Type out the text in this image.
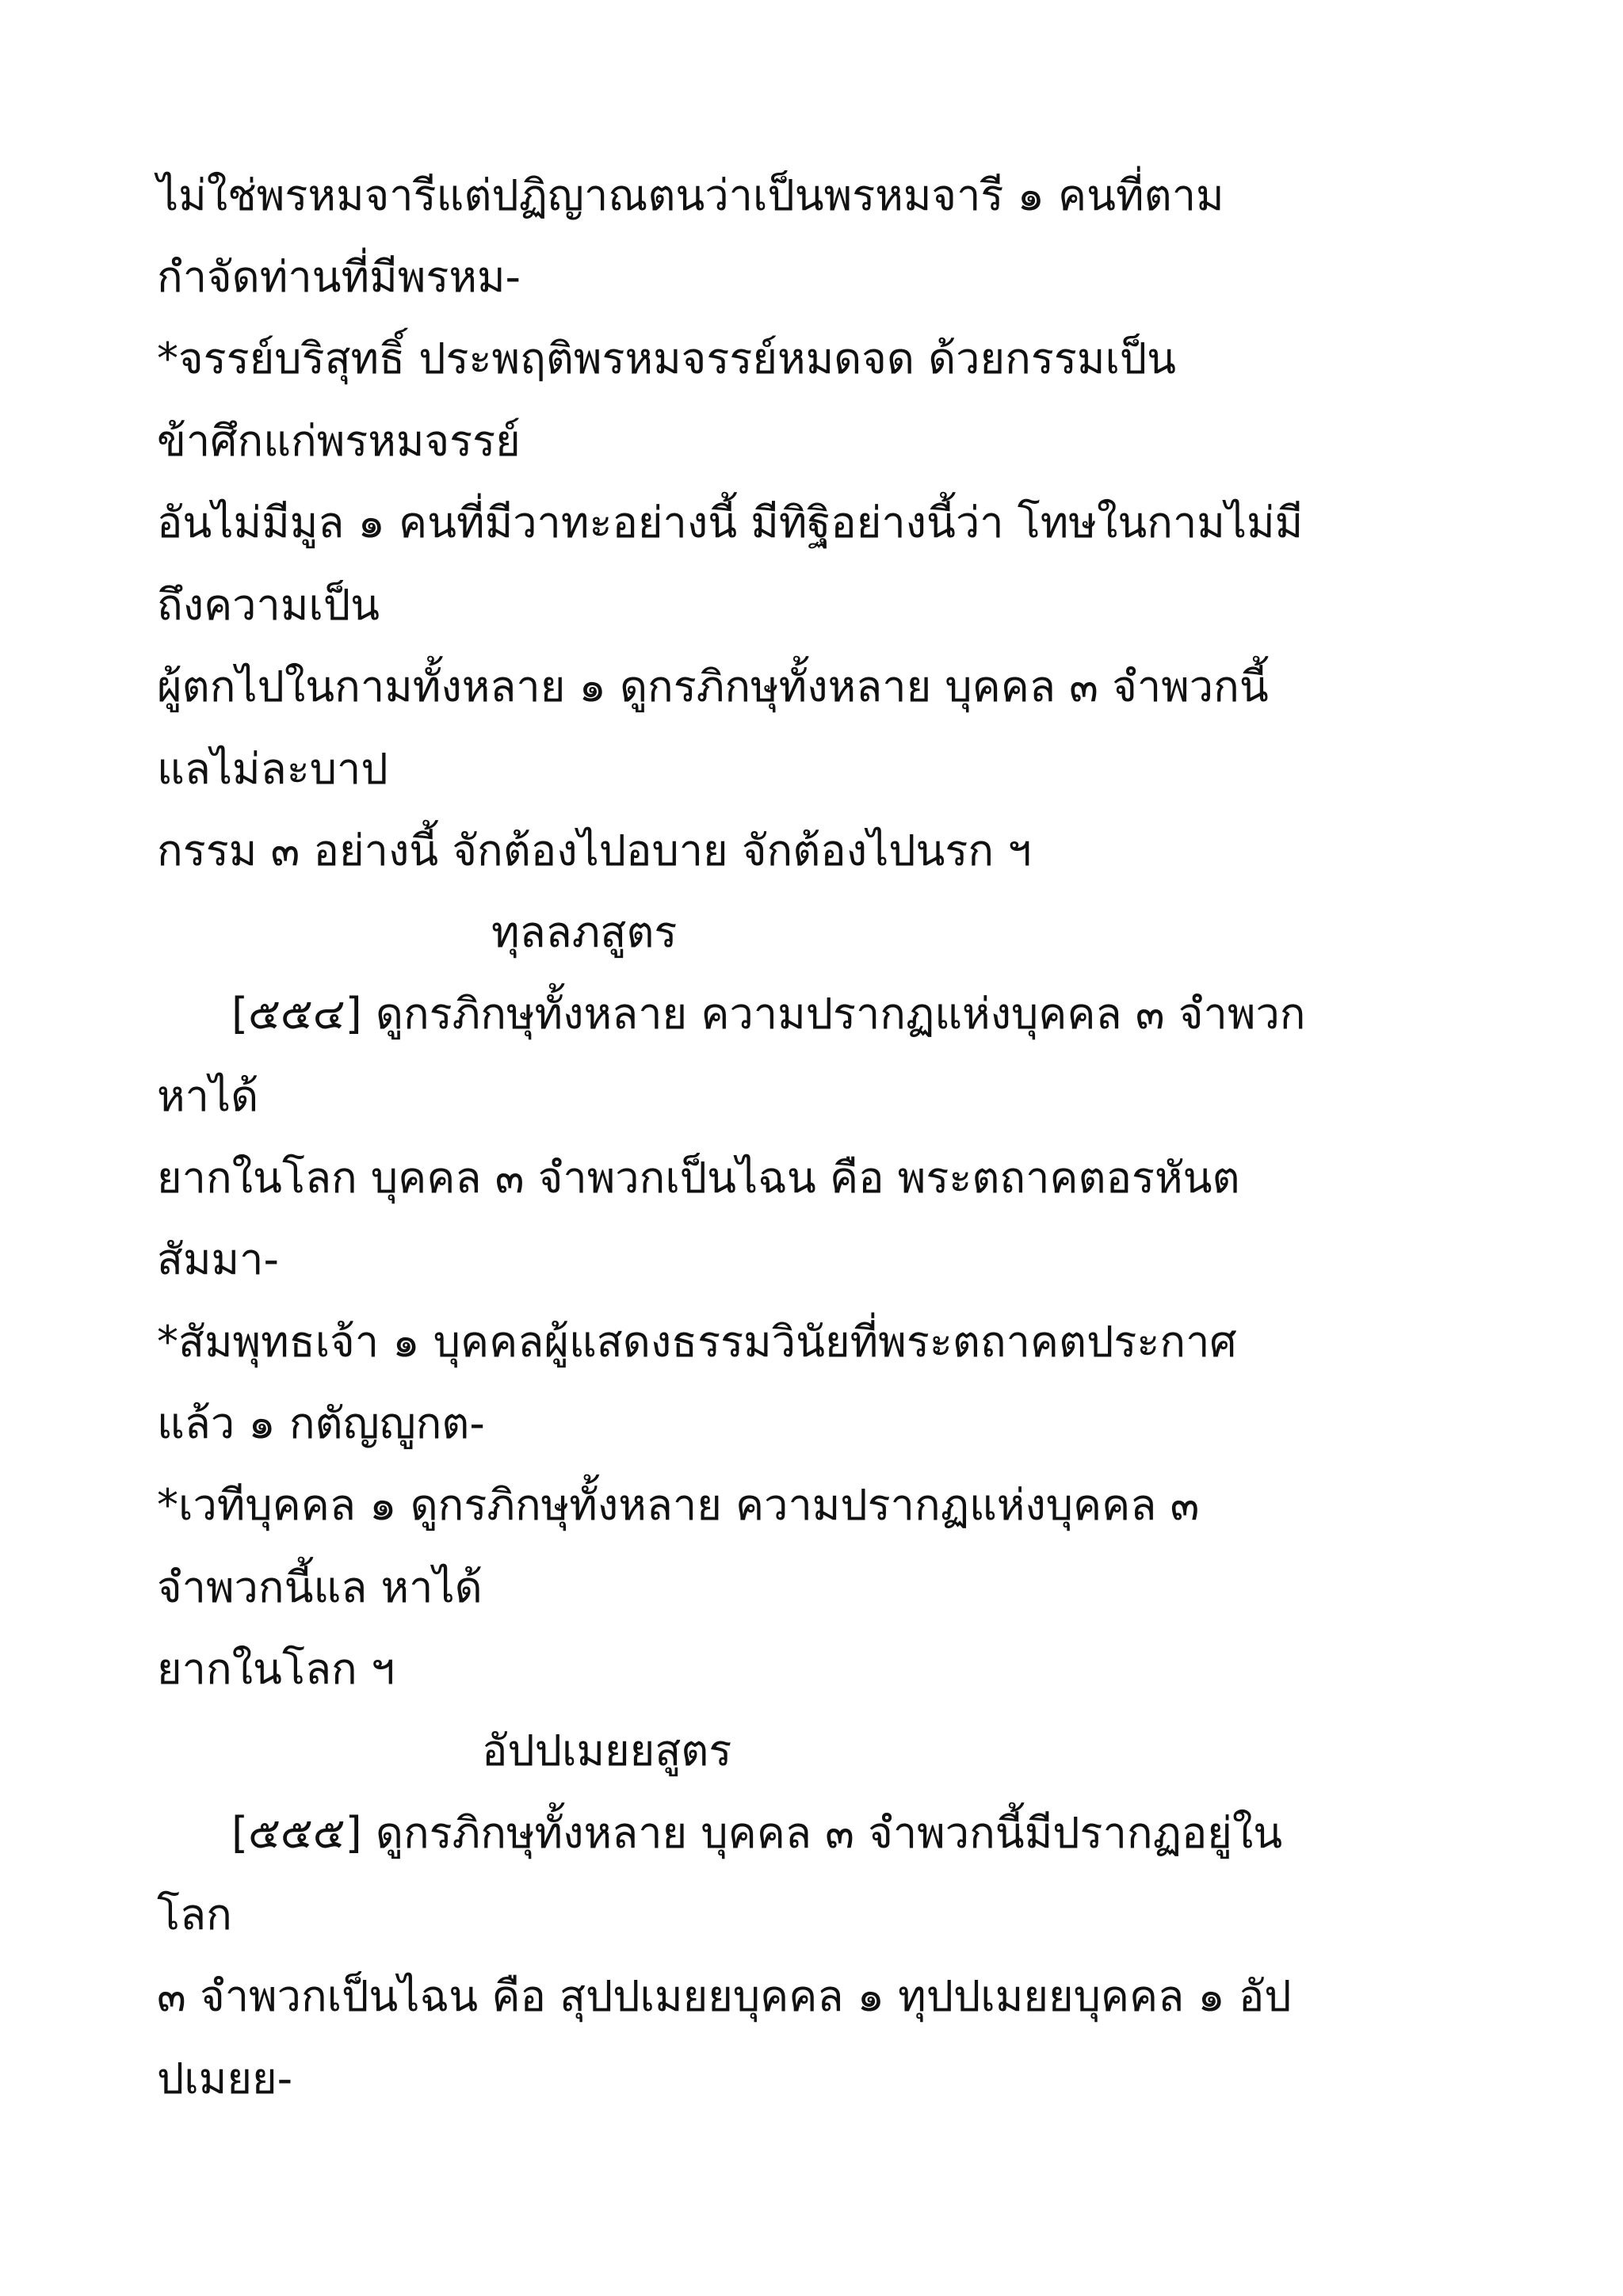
ไม่ใช่พรหมจารีแต่ปฏิญาณตนว่าเป็นพรหมจารี ๑ คนที่ตาม
กำจัดท่านที่มีพรหม-
*จรรย์บริสุทธิ์ ประพฤติพรหมจรรย์หมดจด ด้วยกรรมเป็น
ข้าศึกแก่พรหมจรรย์
อันไม่มีมูล ๑ คนที่มีวาทะอย่างนี้ มีทิฐิอย่างนี้ว่า โทษในกามไม่มี
ถึงความเป็น
ผู้ตกไปในกามทั้งหลาย ๑ ดูกรภิกษุทั้งหลาย บุคคล ๓ จำพวกนี้
แลไม่ละบาป
กรรม ๓ อย่างนี้ จักต้องไปอบาย จักต้องไปนรก ฯ
ทุลลภสูตร
[๕๕๔] ดูกรภิกษุทั้งหลาย ความปรากฏแห่งบุคคล ๓ จำพวก
หาได้
ยากในโลก บุคคล ๓ จำพวกเป็นไฉน คือ พระตถาคตอรหันต
สัมมา-
*สัมพุทธเจ้า ๑ บุคคลผู้แสดงธรรมวินัยที่พระตถาคตประกาศ
แล้ว ๑ กตัญญูกต-
*เวทีบุคคล ๑ ดูกรภิกษุทั้งหลาย ความปรากฏแห่งบุคคล ๓
จำพวกนี้แล หาได้
ยากในโลก ฯ
อัปปเมยยสูตร
[๕๕๕] ดูกรภิกษุทั้งหลาย บุคคล ๓ จำพวกนี้มีปรากฏอยู่ใน
โลก
๓ จำพวกเป็นไฉน คือ สุปปเมยยบุคคล ๑ ทุปปเมยยบุคคล ๑ อัป
ปเมยย-
